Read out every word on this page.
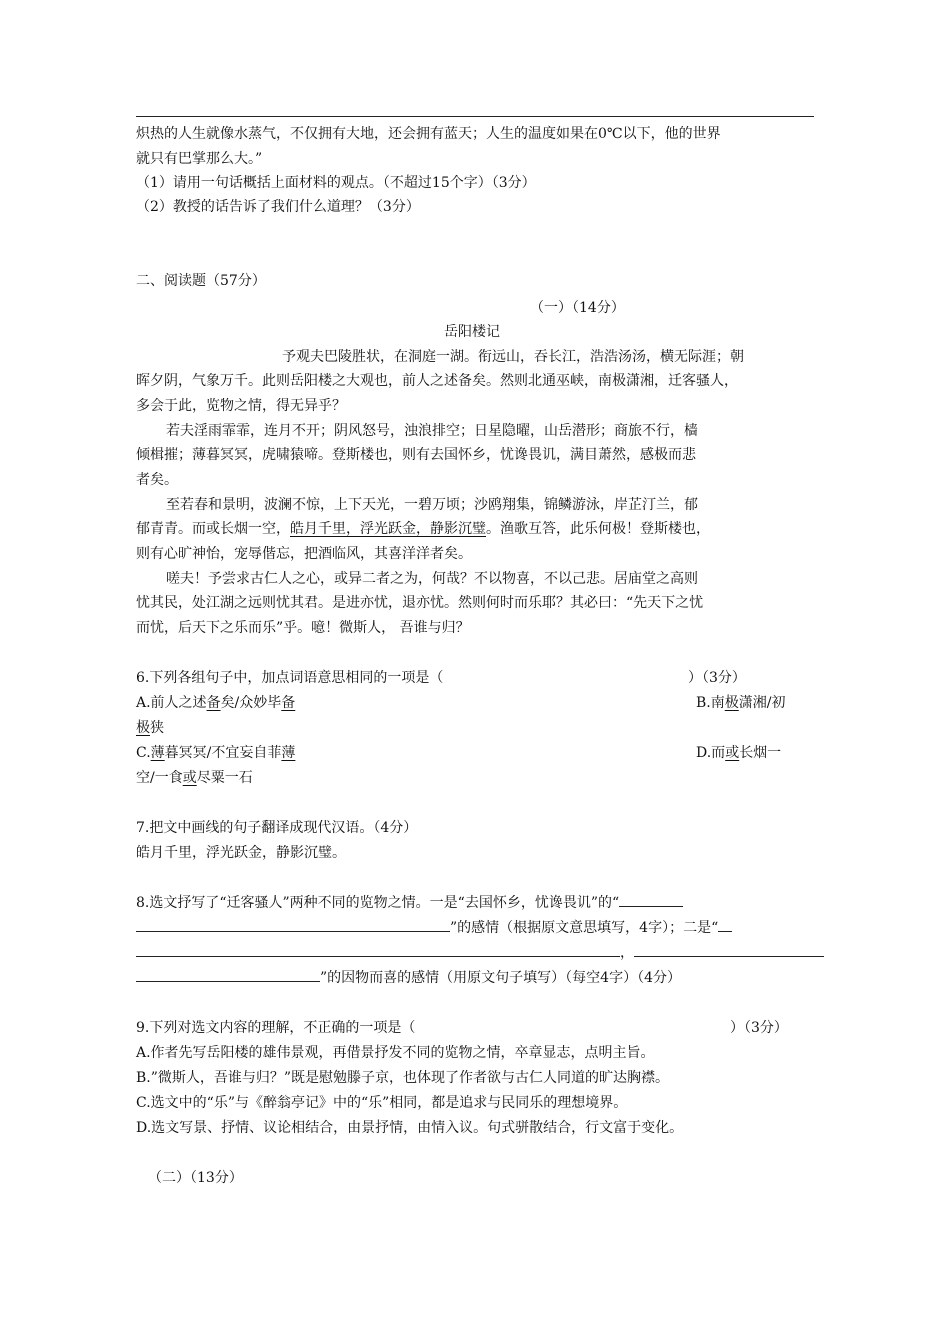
炽热的人生就像水蒸气，不仅拥有大地，还会拥有蓝天；人生的温度如果在0℃以下，他的世界
就只有巴掌那么大。”
（1）请用一句话概括上面材料的观点。（不超过15个字）（3分）
（2）教授的话告诉了我们什么道理？（3分）
二、阅读题（57分）
（一）（14分）
岳阳楼记
予观夫巴陵胜状，在洞庭一湖。衔远山，吞长江，浩浩汤汤，横无际涯；朝
晖夕阴，气象万千。此则岳阳楼之大观也，前人之述备矣。然则北通巫峡，南极潇湘，迁客骚人，
多会于此，览物之情，得无异乎？
若夫淫雨霏霏，连月不开；阴风怒号，浊浪排空；日星隐曜，山岳潜形；商旅不行，樯
倾楫摧；薄暮冥冥，虎啸猿啼。登斯楼也，则有去国怀乡，忧谗畏讥，满目萧然，感极而悲
者矣。
至若春和景明，波澜不惊，上下天光，一碧万顷；沙鸥翔集，锦鳞游泳，岸芷汀兰，郁
郁青青。而或长烟一空，皓月千里，浮光跃金，静影沉璧。渔歌互答，此乐何极！登斯楼也，
则有心旷神怡，宠辱偕忘，把酒临风，其喜洋洋者矣。
嗟夫！予尝求古仁人之心，或异二者之为，何哉？不以物喜，不以己悲。居庙堂之高则
忧其民，处江湖之远则忧其君。是进亦忧，退亦忧。然则何时而乐耶？其必曰：“先天下之忧
而忧，后天下之乐而乐”乎。噫！微斯人， 吾谁与归？
6.下列各组句子中，加点词语意思相同的一项是（	）（3分）
A.前人之述备矣/众妙毕备	B.南极潇湘/初
极狭
C.薄暮冥冥/不宜妄自菲薄	D.而或长烟一
空/一食或尽粟一石
7.把文中画线的句子翻译成现代汉语。（4分）
皓月千里，浮光跃金，静影沉璧。
8.选文抒写了“迁客骚人”两种不同的览物之情。一是“去国怀乡，忧谗畏讥”的“
”的感情（根据原文意思填写，4字）；二是“
，
”的因物而喜的感情（用原文句子填写）（每空4字）（4分）
9.下列对选文内容的理解，不正确的一项是（	）（3分）
A.作者先写岳阳楼的雄伟景观，再借景抒发不同的览物之情，卒章显志，点明主旨。
B.”微斯人，吾谁与归？”既是慰勉滕子京，也体现了作者欲与古仁人同道的旷达胸襟。
C.选文中的“乐”与《醉翁亭记》中的“乐”相同，都是追求与民同乐的理想境界。
D.选文写景、抒情、议论相结合，由景抒情，由情入议。句式骈散结合，行文富于变化。
（二）（13分）
